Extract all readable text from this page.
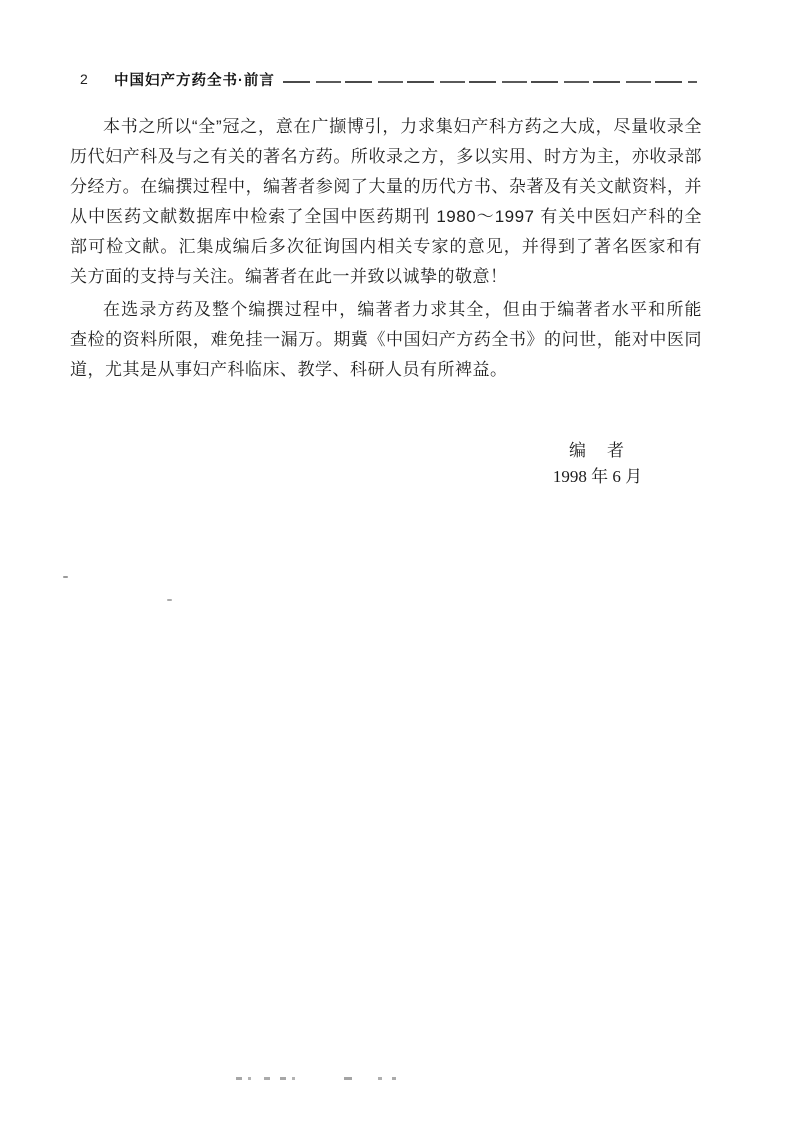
2 中国妇产方药全书·前言
本书之所以“全”冠之，意在广撷博引，力求集妇产科方药之大成，尽量收录全
历代妇产科及与之有关的著名方药。所收录之方，多以实用、时方为主，亦收录部
分经方。在编撰过程中，编著者参阅了大量的历代方书、杂著及有关文献资料，并
从中医药文献数据库中检索了全国中医药期刊 1980～1997 有关中医妇产科的全
部可检文献。汇集成编后多次征询国内相关专家的意见，并得到了著名医家和有
关方面的支持与关注。编著者在此一并致以诚挚的敬意！
在选录方药及整个编撰过程中，编著者力求其全，但由于编著者水平和所能
查检的资料所限，难免挂一漏万。期冀《中国妇产方药全书》的问世，能对中医同
道，尤其是从事妇产科临床、教学、科研人员有所裨益。
编　者
1998 年 6 月
